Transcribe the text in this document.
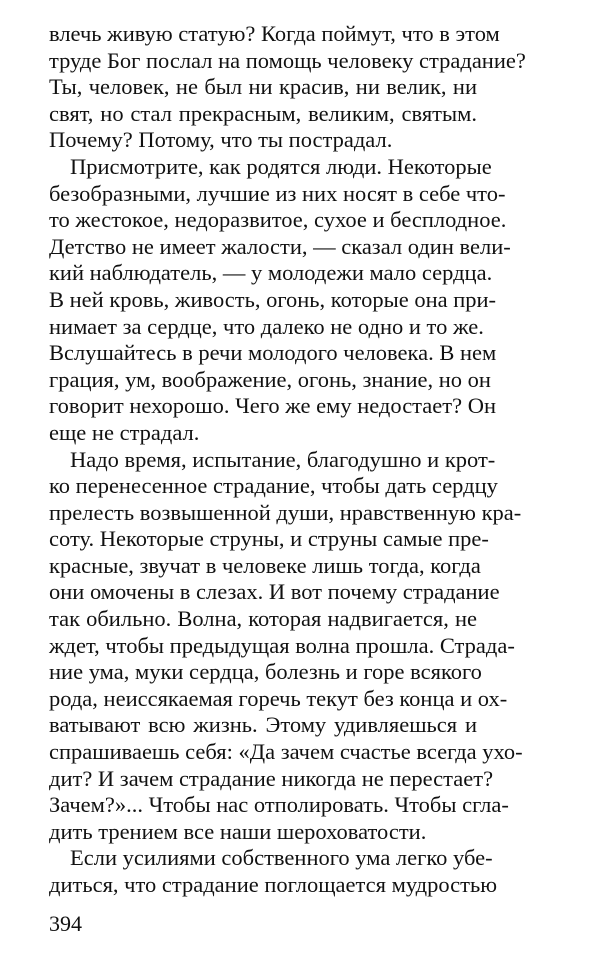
влечь живую статую? Когда поймут, что в этом
труде Бог послал на помощь человеку страдание?
Ты, человек, не был ни красив, ни велик, ни
свят, но стал прекрасным, великим, святым.
Почему? Потому, что ты пострадал.
Присмотрите, как родятся люди. Некоторые
безобразными, лучшие из них носят в себе что-
то жестокое, недоразвитое, сухое и бесплодное.
Детство не имеет жалости, — сказал один вели-
кий наблюдатель, — у молодежи мало сердца.
В ней кровь, живость, огонь, которые она при-
нимает за сердце, что далеко не одно и то же.
Вслушайтесь в речи молодого человека. В нем
грация, ум, воображение, огонь, знание, но он
говорит нехорошо. Чего же ему недостает? Он
еще не страдал.
Надо время, испытание, благодушно и крот-
ко перенесенное страдание, чтобы дать сердцу
прелесть возвышенной души, нравственную кра-
соту. Некоторые струны, и струны самые пре-
красные, звучат в человеке лишь тогда, когда
они омочены в слезах. И вот почему страдание
так обильно. Волна, которая надвигается, не
ждет, чтобы предыдущая волна прошла. Страда-
ние ума, муки сердца, болезнь и горе всякого
рода, неиссякаемая горечь текут без конца и ох-
ватывают всю жизнь. Этому удивляешься и
спрашиваешь себя: «Да зачем счастье всегда ухо-
дит? И зачем страдание никогда не перестает?
Зачем?»... Чтобы нас отполировать. Чтобы сгла-
дить трением все наши шероховатости.
Если усилиями собственного ума легко убе-
диться, что страдание поглощается мудростью
394
